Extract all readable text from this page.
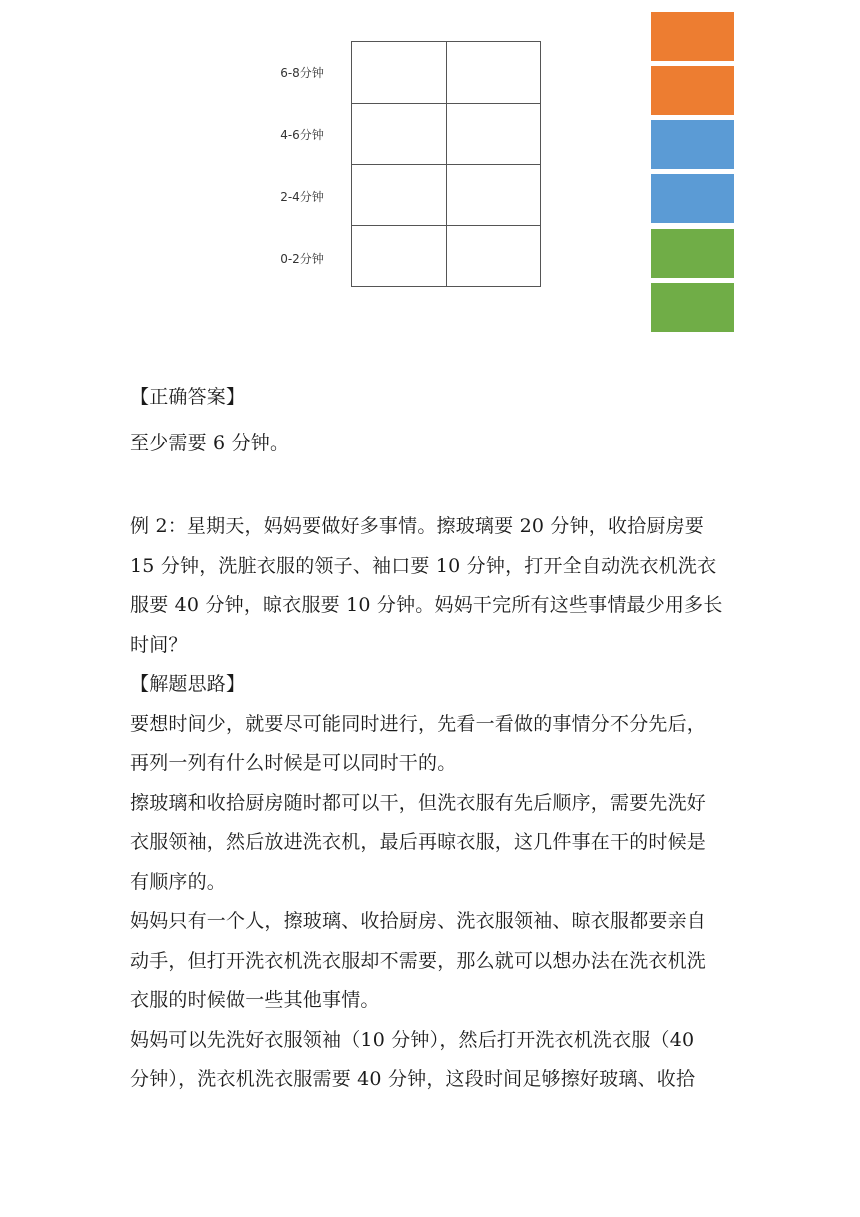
6-8分钟
4-6分钟
2-4分钟
0-2分钟
【正确答案】
至少需要 6 分钟。

例 2：星期天，妈妈要做好多事情。擦玻璃要 20 分钟，收拾厨房要

15 分钟，洗脏衣服的领子、袖口要 10 分钟，打开全自动洗衣机洗衣

服要 40 分钟，晾衣服要 10 分钟。妈妈干完所有这些事情最少用多长

时间？

【解题思路】

要想时间少，就要尽可能同时进行，先看一看做的事情分不分先后，

再列一列有什么时候是可以同时干的。

擦玻璃和收拾厨房随时都可以干，但洗衣服有先后顺序，需要先洗好

衣服领袖，然后放进洗衣机，最后再晾衣服，这几件事在干的时候是

有顺序的。

妈妈只有一个人，擦玻璃、收拾厨房、洗衣服领袖、晾衣服都要亲自

动手，但打开洗衣机洗衣服却不需要，那么就可以想办法在洗衣机洗

衣服的时候做一些其他事情。

妈妈可以先洗好衣服领袖（10 分钟），然后打开洗衣机洗衣服（40

分钟），洗衣机洗衣服需要 40 分钟，这段时间足够擦好玻璃、收拾
